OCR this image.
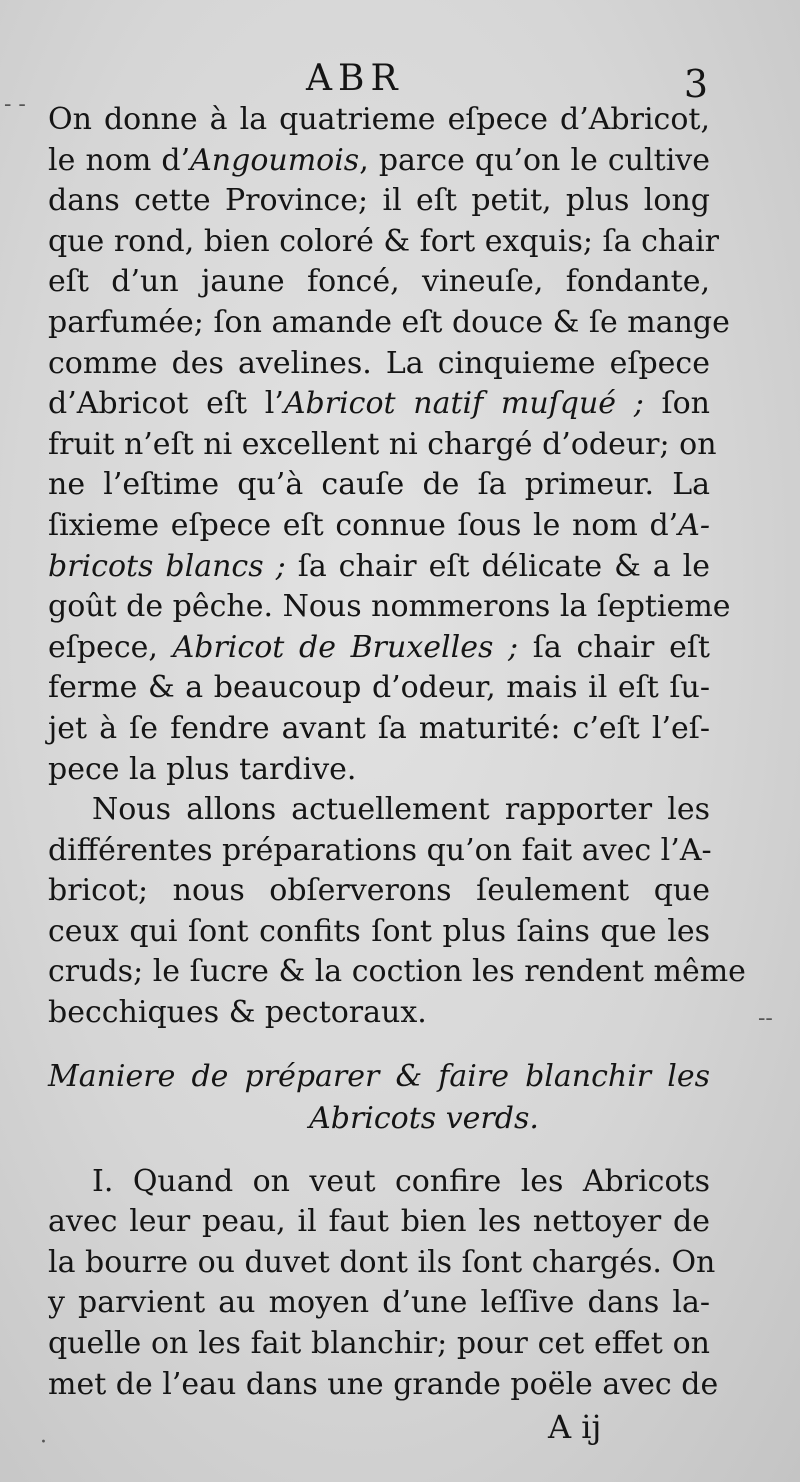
- -
--
·
ABR	3
On donne à la quatrieme eſpece d’Abricot,
le nom d’Angoumois, parce qu’on le cultive
dans cette Province; il eſt petit, plus long
que rond, bien coloré & fort exquis; ſa chair
eſt d’un jaune foncé, vineuſe, fondante,
parfumée; ſon amande eſt douce & ſe mange
comme des avelines. La cinquieme eſpece
d’Abricot eſt l’Abricot natif muſqué ; ſon
fruit n’eſt ni excellent ni chargé d’odeur; on
ne l’eſtime qu’à cauſe de ſa primeur. La
ſixieme eſpece eſt connue ſous le nom d’A-
bricots blancs ; ſa chair eſt délicate & a le
goût de pêche. Nous nommerons la ſeptieme
eſpece, Abricot de Bruxelles ; ſa chair eſt
ferme & a beaucoup d’odeur, mais il eſt ſu-
jet à ſe fendre avant ſa maturité: c’eſt l’eſ-
pece la plus tardive.
Nous allons actuellement rapporter les
différentes préparations qu’on fait avec l’A-
bricot; nous obſerverons ſeulement que
ceux qui ſont confits ſont plus ſains que les
cruds; le ſucre & la coction les rendent même
becchiques & pectoraux.
Maniere de préparer & faire blanchir les
Abricots verds.
I. Quand on veut confire les Abricots
avec leur peau, il faut bien les nettoyer de
la bourre ou duvet dont ils ſont chargés. On
y parvient au moyen d’une leſſive dans la-
quelle on les fait blanchir; pour cet effet on
met de l’eau dans une grande poële avec de
A ij
